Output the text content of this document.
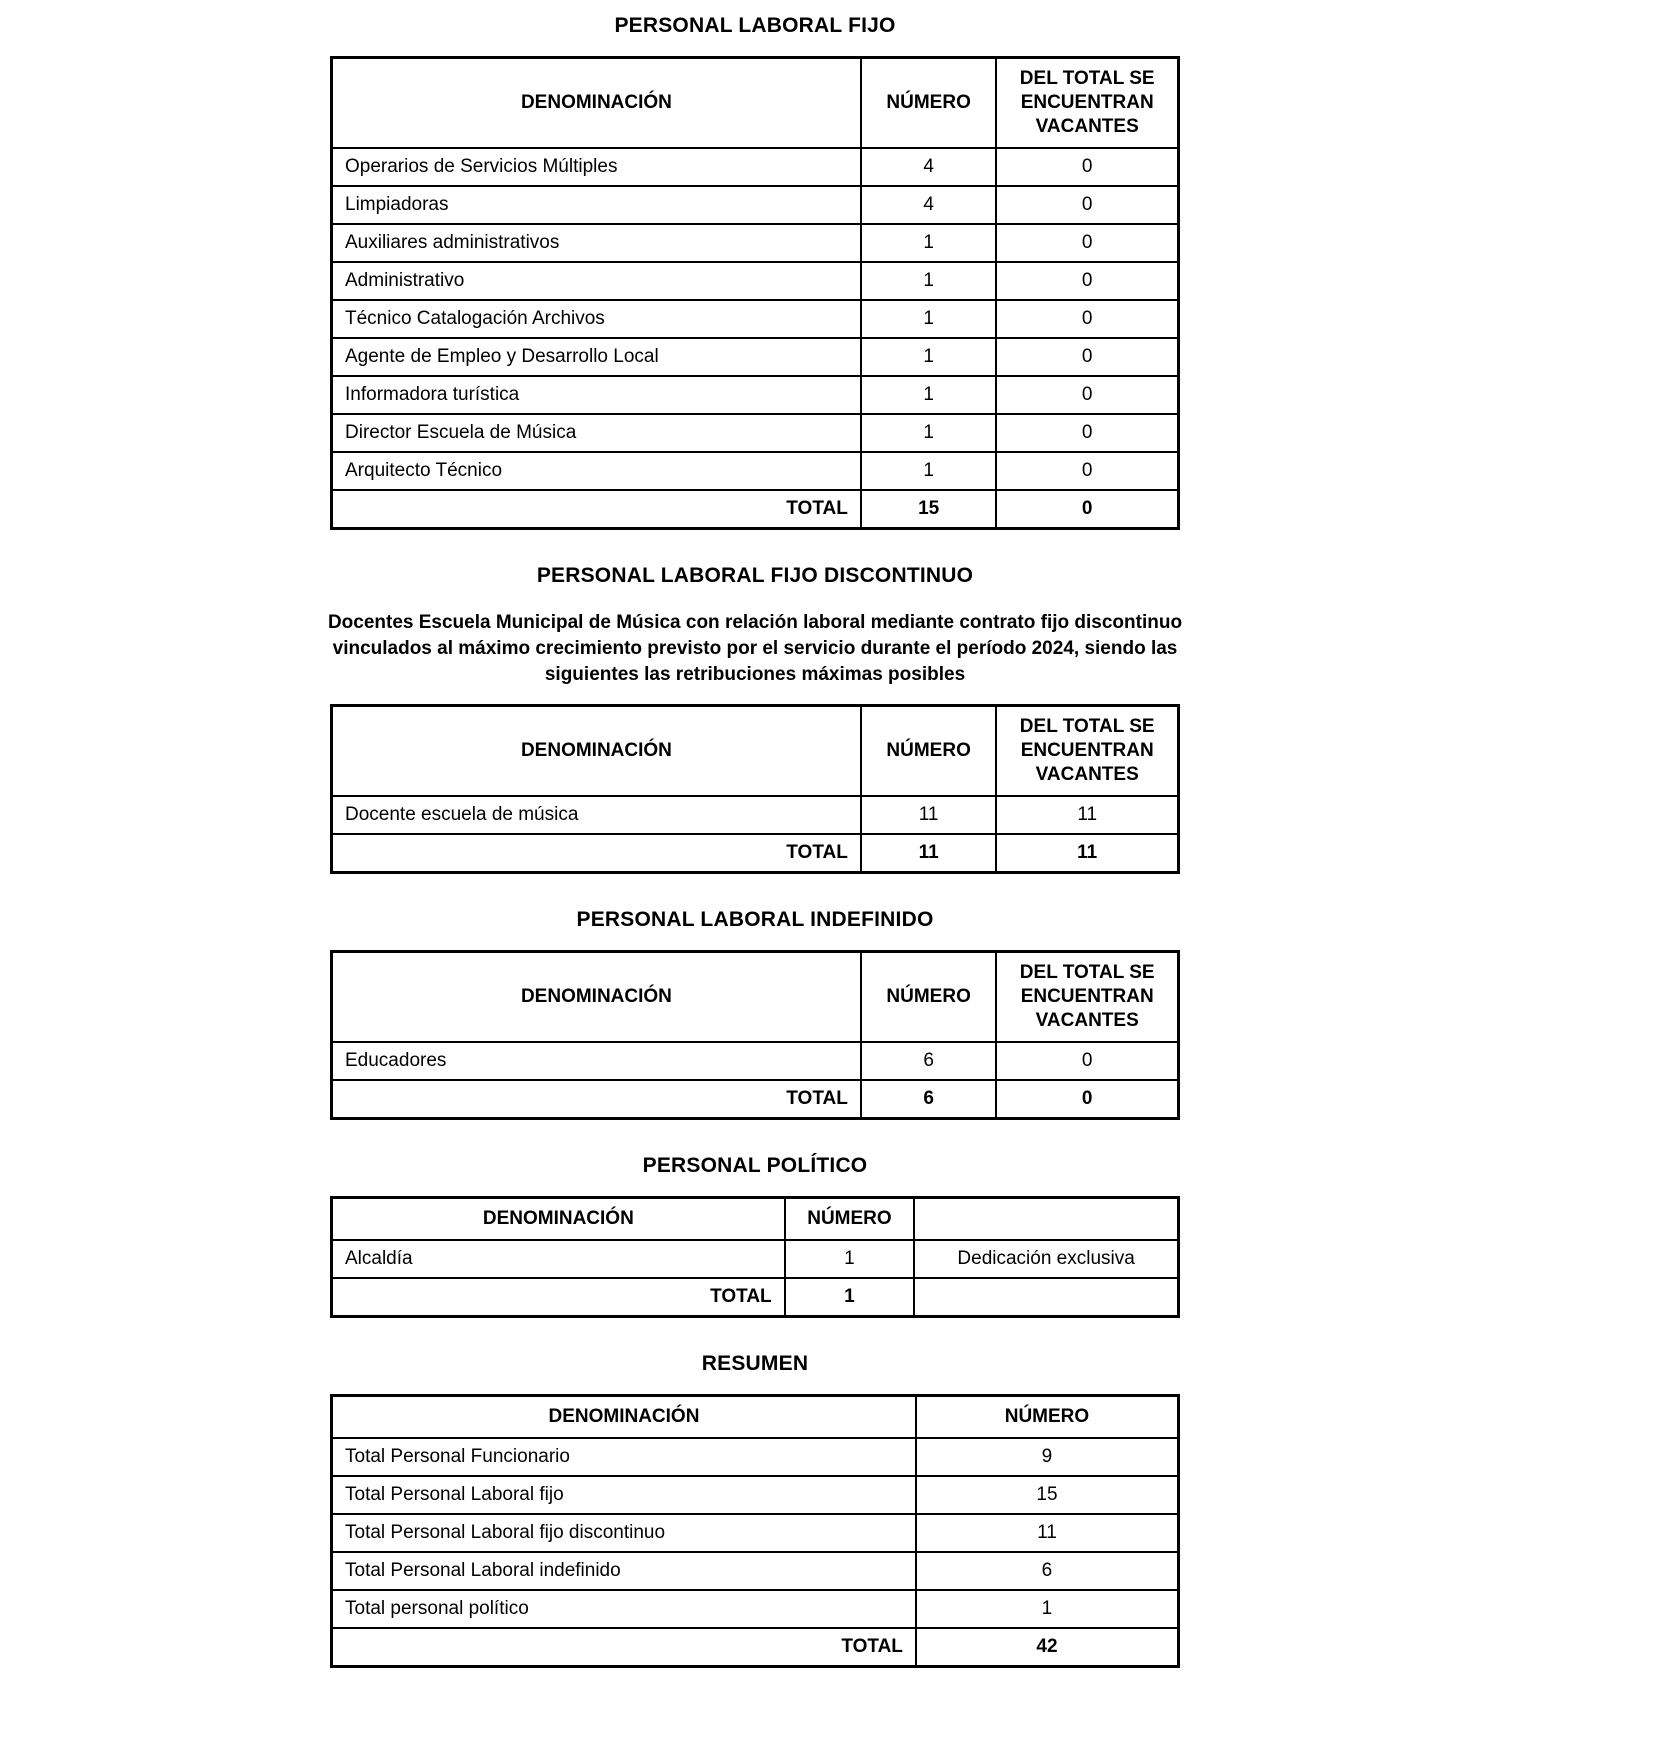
PERSONAL LABORAL FIJO
DENOMINACIÓN	NÚMERO	DEL TOTAL SE ENCUENTRAN VACANTES
Operarios de Servicios Múltiples	4	0
Limpiadoras	4	0
Auxiliares administrativos	1	0
Administrativo	1	0
Técnico Catalogación Archivos	1	0
Agente de Empleo y Desarrollo Local	1	0
Informadora turística	1	0
Director Escuela de Música	1	0
Arquitecto Técnico	1	0
TOTAL	15	0
PERSONAL LABORAL FIJO DISCONTINUO

Docentes Escuela Municipal de Música con relación laboral mediante contrato fijo discontinuo vinculados al máximo crecimiento previsto por el servicio durante el período 2024, siendo las siguientes las retribuciones máximas posibles

DENOMINACIÓN	NÚMERO	DEL TOTAL SE ENCUENTRAN VACANTES
Docente escuela de música	11	11
TOTAL	11	11
PERSONAL LABORAL INDEFINIDO
DENOMINACIÓN	NÚMERO	DEL TOTAL SE ENCUENTRAN VACANTES
Educadores	6	0
TOTAL	6	0
PERSONAL POLÍTICO
DENOMINACIÓN	NÚMERO	
Alcaldía	1	Dedicación exclusiva
TOTAL	1	
RESUMEN
DENOMINACIÓN	NÚMERO
Total Personal Funcionario	9
Total Personal Laboral fijo	15
Total Personal Laboral fijo discontinuo	11
Total Personal Laboral indefinido	6
Total personal político	1
TOTAL	42
